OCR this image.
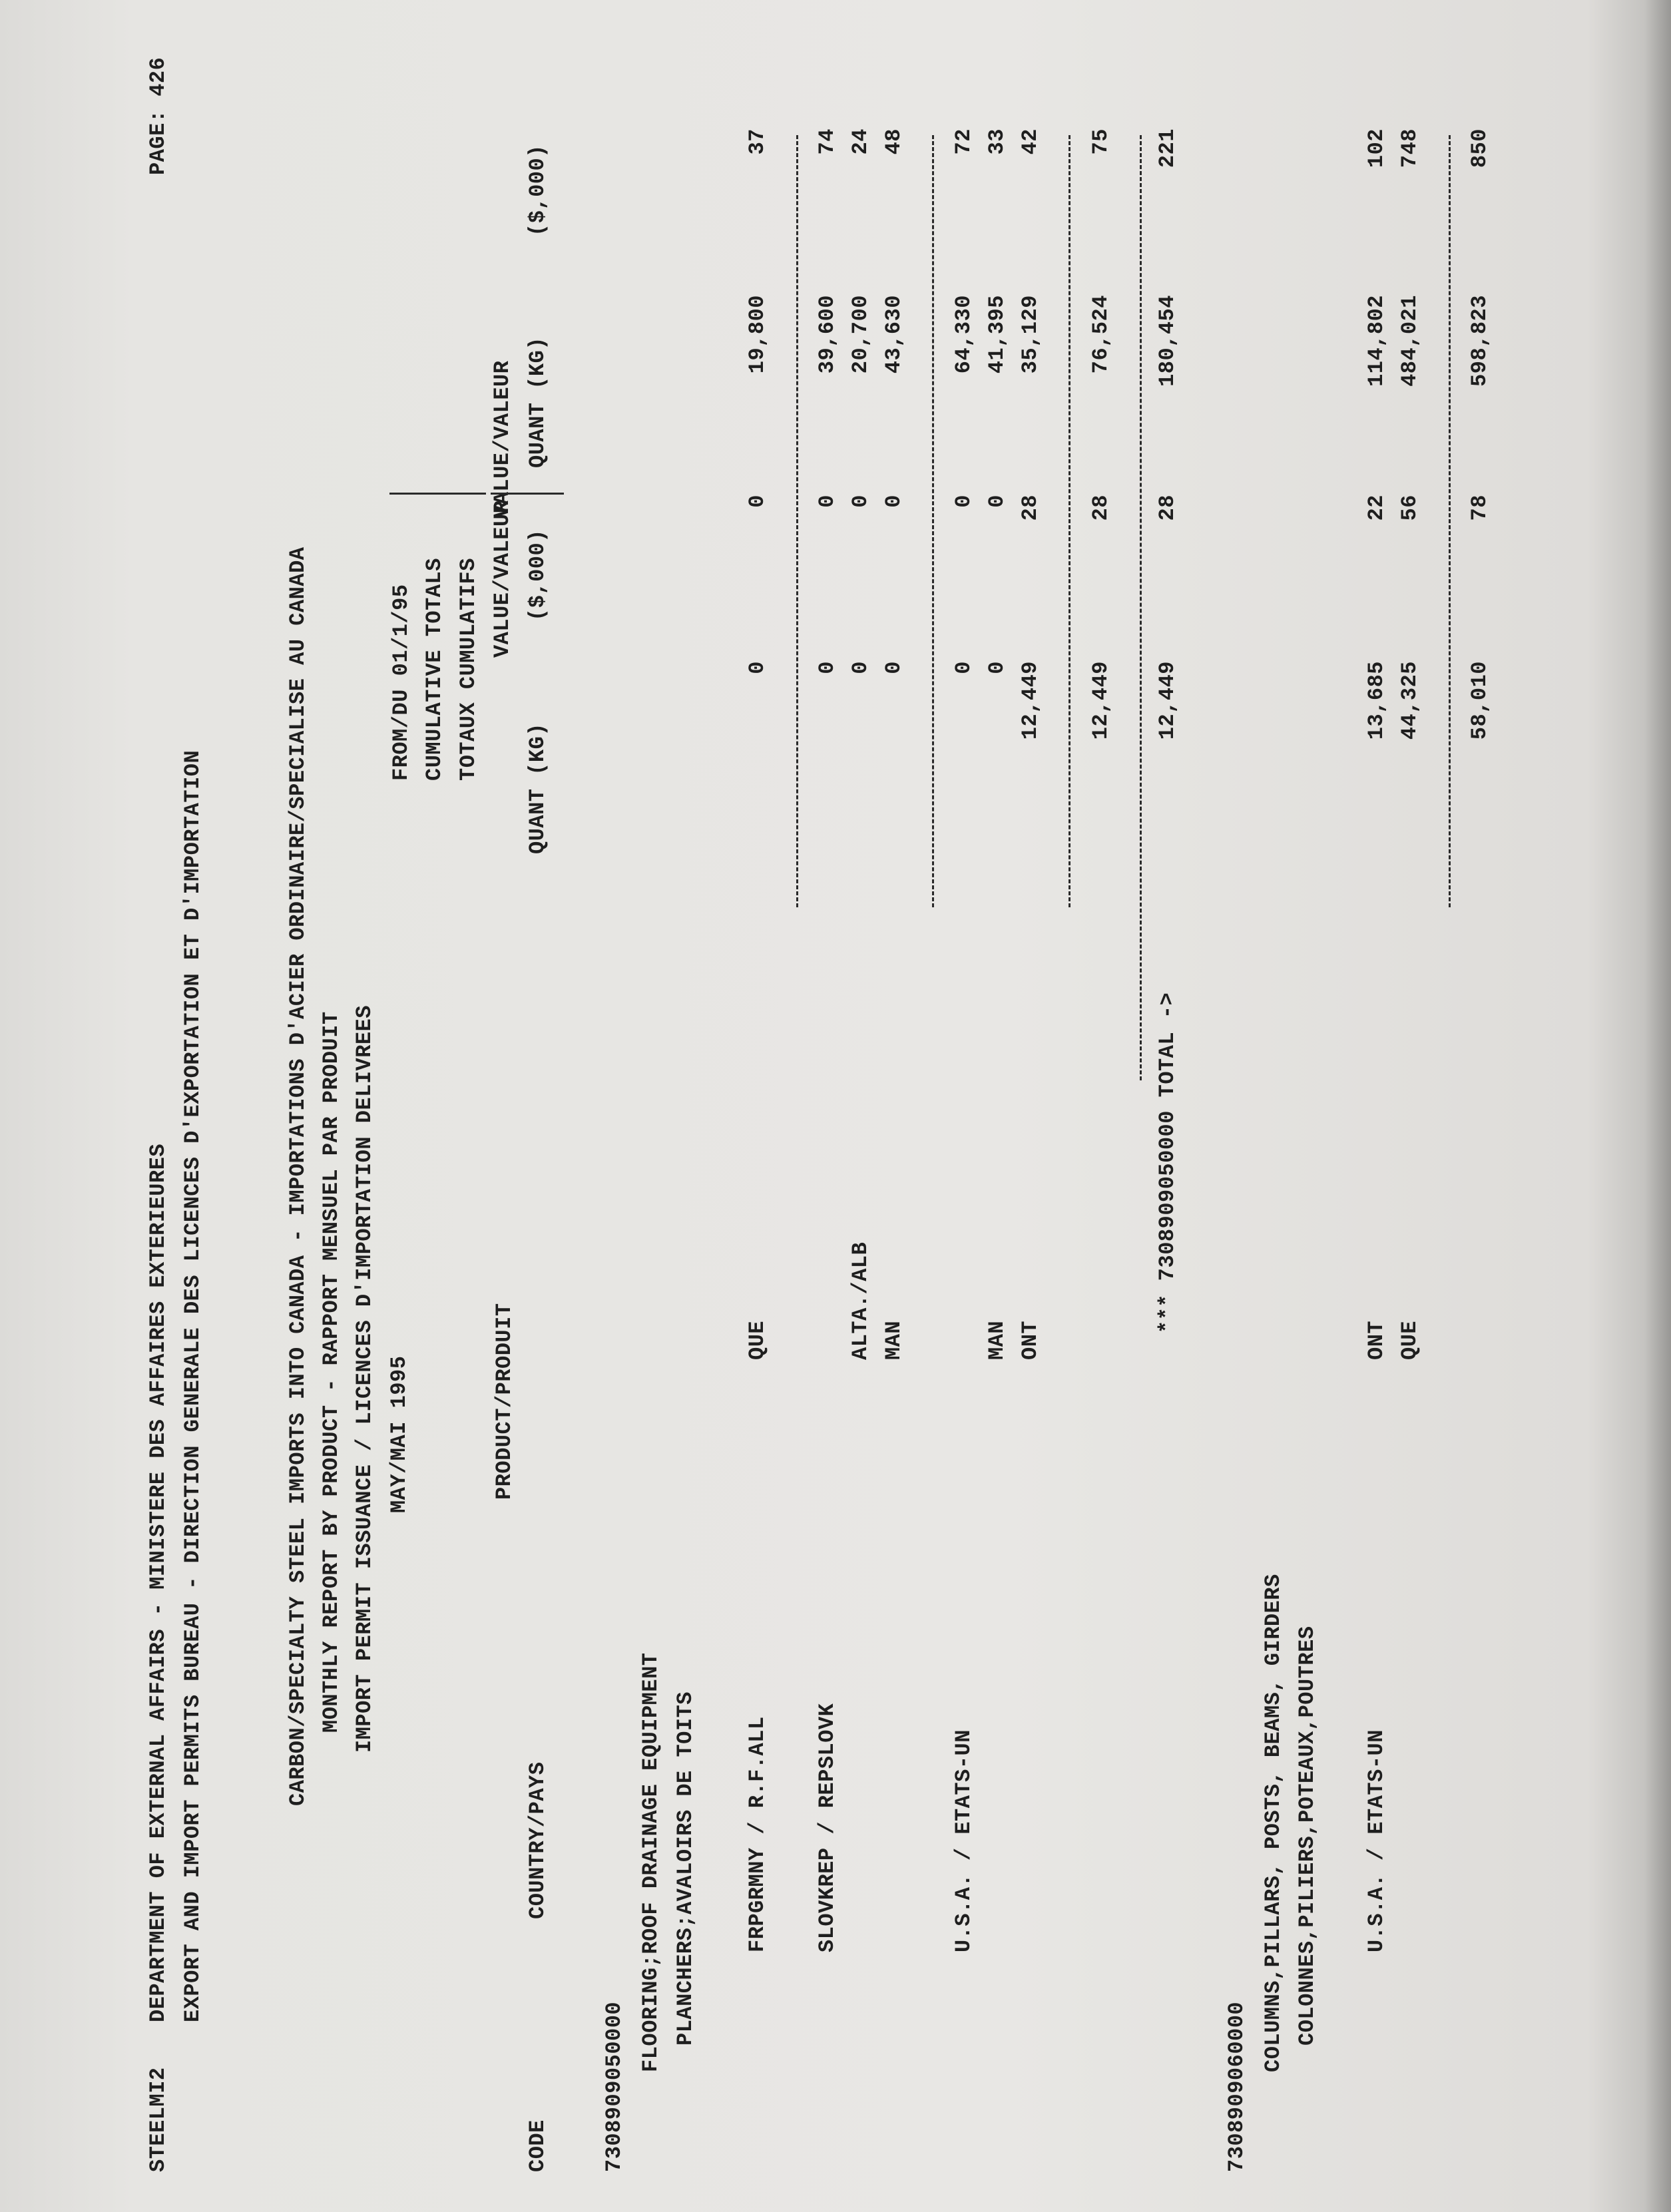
STEELMI2
DEPARTMENT OF EXTERNAL AFFAIRS - MINISTERE DES AFFAIRES EXTERIEURES EXPORT AND IMPORT PERMITS BUREAU - DIRECTION GENERALE DES LICENCES D'EXPORTATION ET D'IMPORTATION
PAGE: 426
CARBON/SPECIALTY STEEL IMPORTS INTO CANADA - IMPORTATIONS D'ACIER ORDINAIRE/SPECIALISE AU CANADA MONTHLY REPORT BY PRODUCT - RAPPORT MENSUEL PAR PRODUIT IMPORT PERMIT ISSUANCE / LICENCES D'IMPORTATION DELIVREES MAY/MAI 1995
FROM/DU 01/1/95 CUMULATIVE TOTALS TOTAUX CUMULATIFS
PRODUCT/PRODUIT
VALUE/VALEUR
VALUE/VALEUR
CODE
COUNTRY/PAYS
QUANT (KG)
($,000)
QUANT (KG)
($,000)
7308909050000
FLOORING;ROOF DRAINAGE EQUIPMENT PLANCHERS;AVALOIRS DE TOITS FRPGRMNY / R.F.ALL
QUE
0
0
19,800
37
SLOVKREP / REPSLOVK
0
0
39,600
74
ALTA./ALB
0
0
20,700
24
MAN
0
0
43,630
48
U.S.A. / ETATS-UN
0
0
64,330
72
MAN
0
0
41,395
33
ONT
12,449
28
35,129
42
12,449
28
76,524
75
*** 7308909050000 TOTAL ->
12,449
28
180,454
221
7308909060000
COLUMNS,PILLARS, POSTS, BEAMS, GIRDERS COLONNES,PILIERS,POTEAUX,POUTRES U.S.A. / ETATS-UN
ONT
13,685
22
114,802
102
QUE
44,325
56
484,021
748
58,010
78
598,823
850
